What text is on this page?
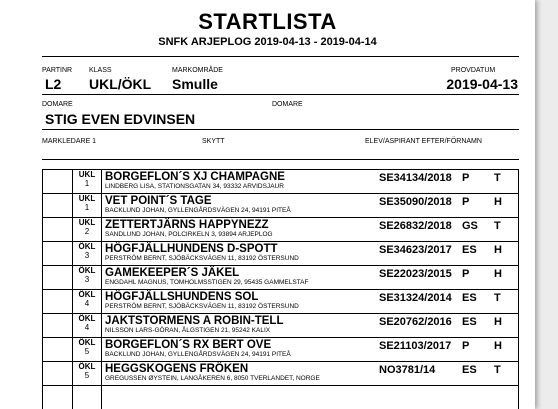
STARTLISTA
SNFK ARJEPLOG 2019-04-13 - 2019-04-14
PARTINR KLASS	MARKOMRÅDE	PROVDATUM
L2 UKL/ÖKL Smulle	2019-04-13
DOMARE	DOMARE
STIG EVEN EDVINSEN
MARKLEDARE 1	SKYTT	ELEV/ASPIRANT EFTER/FÖRNAMN

	UKL
1	BORGEFLON´S XJ CHAMPAGNE
LINDBERG LISA, STATIONSGATAN 34, 93332 ARVIDSJAUR
SE34134/2018 P T

	UKL
1	VET POINT´S TAGE
BACKLUND JOHAN, GYLLENGÅRDSVÄGEN 24, 94191 PITEÅ
SE35090/2018 P H

	UKL
2	ZETTERTJÄRNS HAPPYNEZZ
SANDLUND JOHAN, POLCIRKELN 3, 93894 ARJEPLOG
SE26832/2018 GS T

	ÖKL
3	HÖGFJÄLLHUNDENS D-SPOTT
PERSTRÖM BERNT, SJÖBÄCKSVÄGEN 11, 83192 ÖSTERSUND
SE34623/2017 ES H

	ÖKL
3	GAMEKEEPER´S JÄKEL
ENGDAHL MAGNUS, TOMHOLMSSTIGEN 29, 95435 GAMMELSTAF
SE22023/2015 P H

	ÖKL
4	HÖGFJÄLLSHUNDENS SOL
PERSTRÖM BERNT, SJÖBÄCKSVÄGEN 11, 83192 ÖSTERSUND
SE31324/2014 ES T

	ÖKL
4	JAKTSTORMENS A ROBIN-TELL
NILSSON LARS-GÖRAN, ÅLGSTIGEN 21, 95242 KALIX
SE20762/2016 ES H

	ÖKL
5	BORGEFLON´S RX BERT OVE
BACKLUND JOHAN, GYLLENGÅRDSVÄGEN 24, 94191 PITEÅ
SE21103/2017 P H

	ÖKL
5	HEGGSKOGENS FRÖKEN
GREGUSSEN ØYSTEIN, LANGÅKEREN 6, 8050 TVERLANDET, NORGE
NO3781/14 ES T
